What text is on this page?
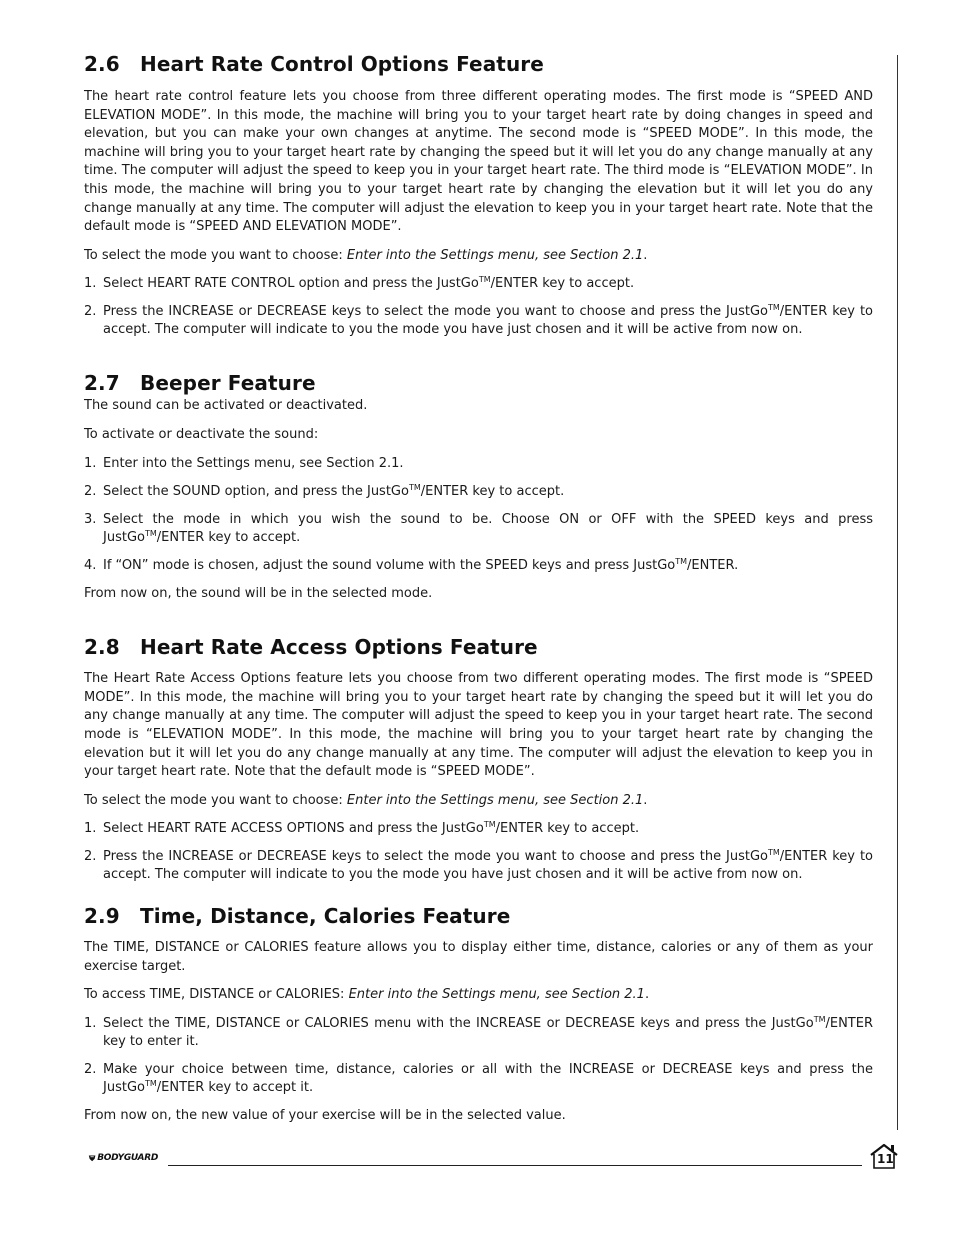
2.6 Heart Rate Control Options Feature

The heart rate control feature lets you choose from three different operating modes. The first mode is “SPEED AND ELEVATION MODE”. In this mode, the machine will bring you to your target heart rate by doing changes in speed and elevation, but you can make your own changes at anytime. The second mode is “SPEED MODE”. In this mode, the machine will bring you to your target heart rate by changing the speed but it will let you do any change manually at any time. The computer will adjust the speed to keep you in your target heart rate. The third mode is “ELEVATION MODE”. In this mode, the machine will bring you to your target heart rate by changing the elevation but it will let you do any change manually at any time. The computer will adjust the elevation to keep you in your target heart rate. Note that the default mode is “SPEED AND ELEVATION MODE”.

To select the mode you want to choose: Enter into the Settings menu, see Section 2.1.

1. Select HEART RATE CONTROL option and press the JustGo™/ENTER key to accept.
2. Press the INCREASE or DECREASE keys to select the mode you want to choose and press the JustGo™/ENTER key to accept. The computer will indicate to you the mode you have just chosen and it will be active from now on.
2.7 Beeper Feature

The sound can be activated or deactivated.

To activate or deactivate the sound:

1. Enter into the Settings menu, see Section 2.1.
2. Select the SOUND option, and press the JustGo™/ENTER key to accept.
3. Select the mode in which you wish the sound to be. Choose ON or OFF with the SPEED keys and press JustGo™/ENTER key to accept.
4. If “ON” mode is chosen, adjust the sound volume with the SPEED keys and press JustGo™/ENTER.

From now on, the sound will be in the selected mode.

2.8 Heart Rate Access Options Feature

The Heart Rate Access Options feature lets you choose from two different operating modes. The first mode is “SPEED MODE”. In this mode, the machine will bring you to your target heart rate by changing the speed but it will let you do any change manually at any time. The computer will adjust the speed to keep you in your target heart rate. The second mode is “ELEVATION MODE”. In this mode, the machine will bring you to your target heart rate by changing the elevation but it will let you do any change manually at any time. The computer will adjust the elevation to keep you in your target heart rate. Note that the default mode is “SPEED MODE”.

To select the mode you want to choose: Enter into the Settings menu, see Section 2.1.

1. Select HEART RATE ACCESS OPTIONS and press the JustGo™/ENTER key to accept.
2. Press the INCREASE or DECREASE keys to select the mode you want to choose and press the JustGo™/ENTER key to accept. The computer will indicate to you the mode you have just chosen and it will be active from now on.
2.9 Time, Distance, Calories Feature

The TIME, DISTANCE or CALORIES feature allows you to display either time, distance, calories or any of them as your exercise target.

To access TIME, DISTANCE or CALORIES: Enter into the Settings menu, see Section 2.1.

1. Select the TIME, DISTANCE or CALORIES menu with the INCREASE or DECREASE keys and press the JustGo™/ENTER key to enter it.
2. Make your choice between time, distance, calories or all with the INCREASE or DECREASE keys and press the JustGo™/ENTER key to accept it.

From now on, the new value of your exercise will be in the selected value.

BODYGUARD	11
